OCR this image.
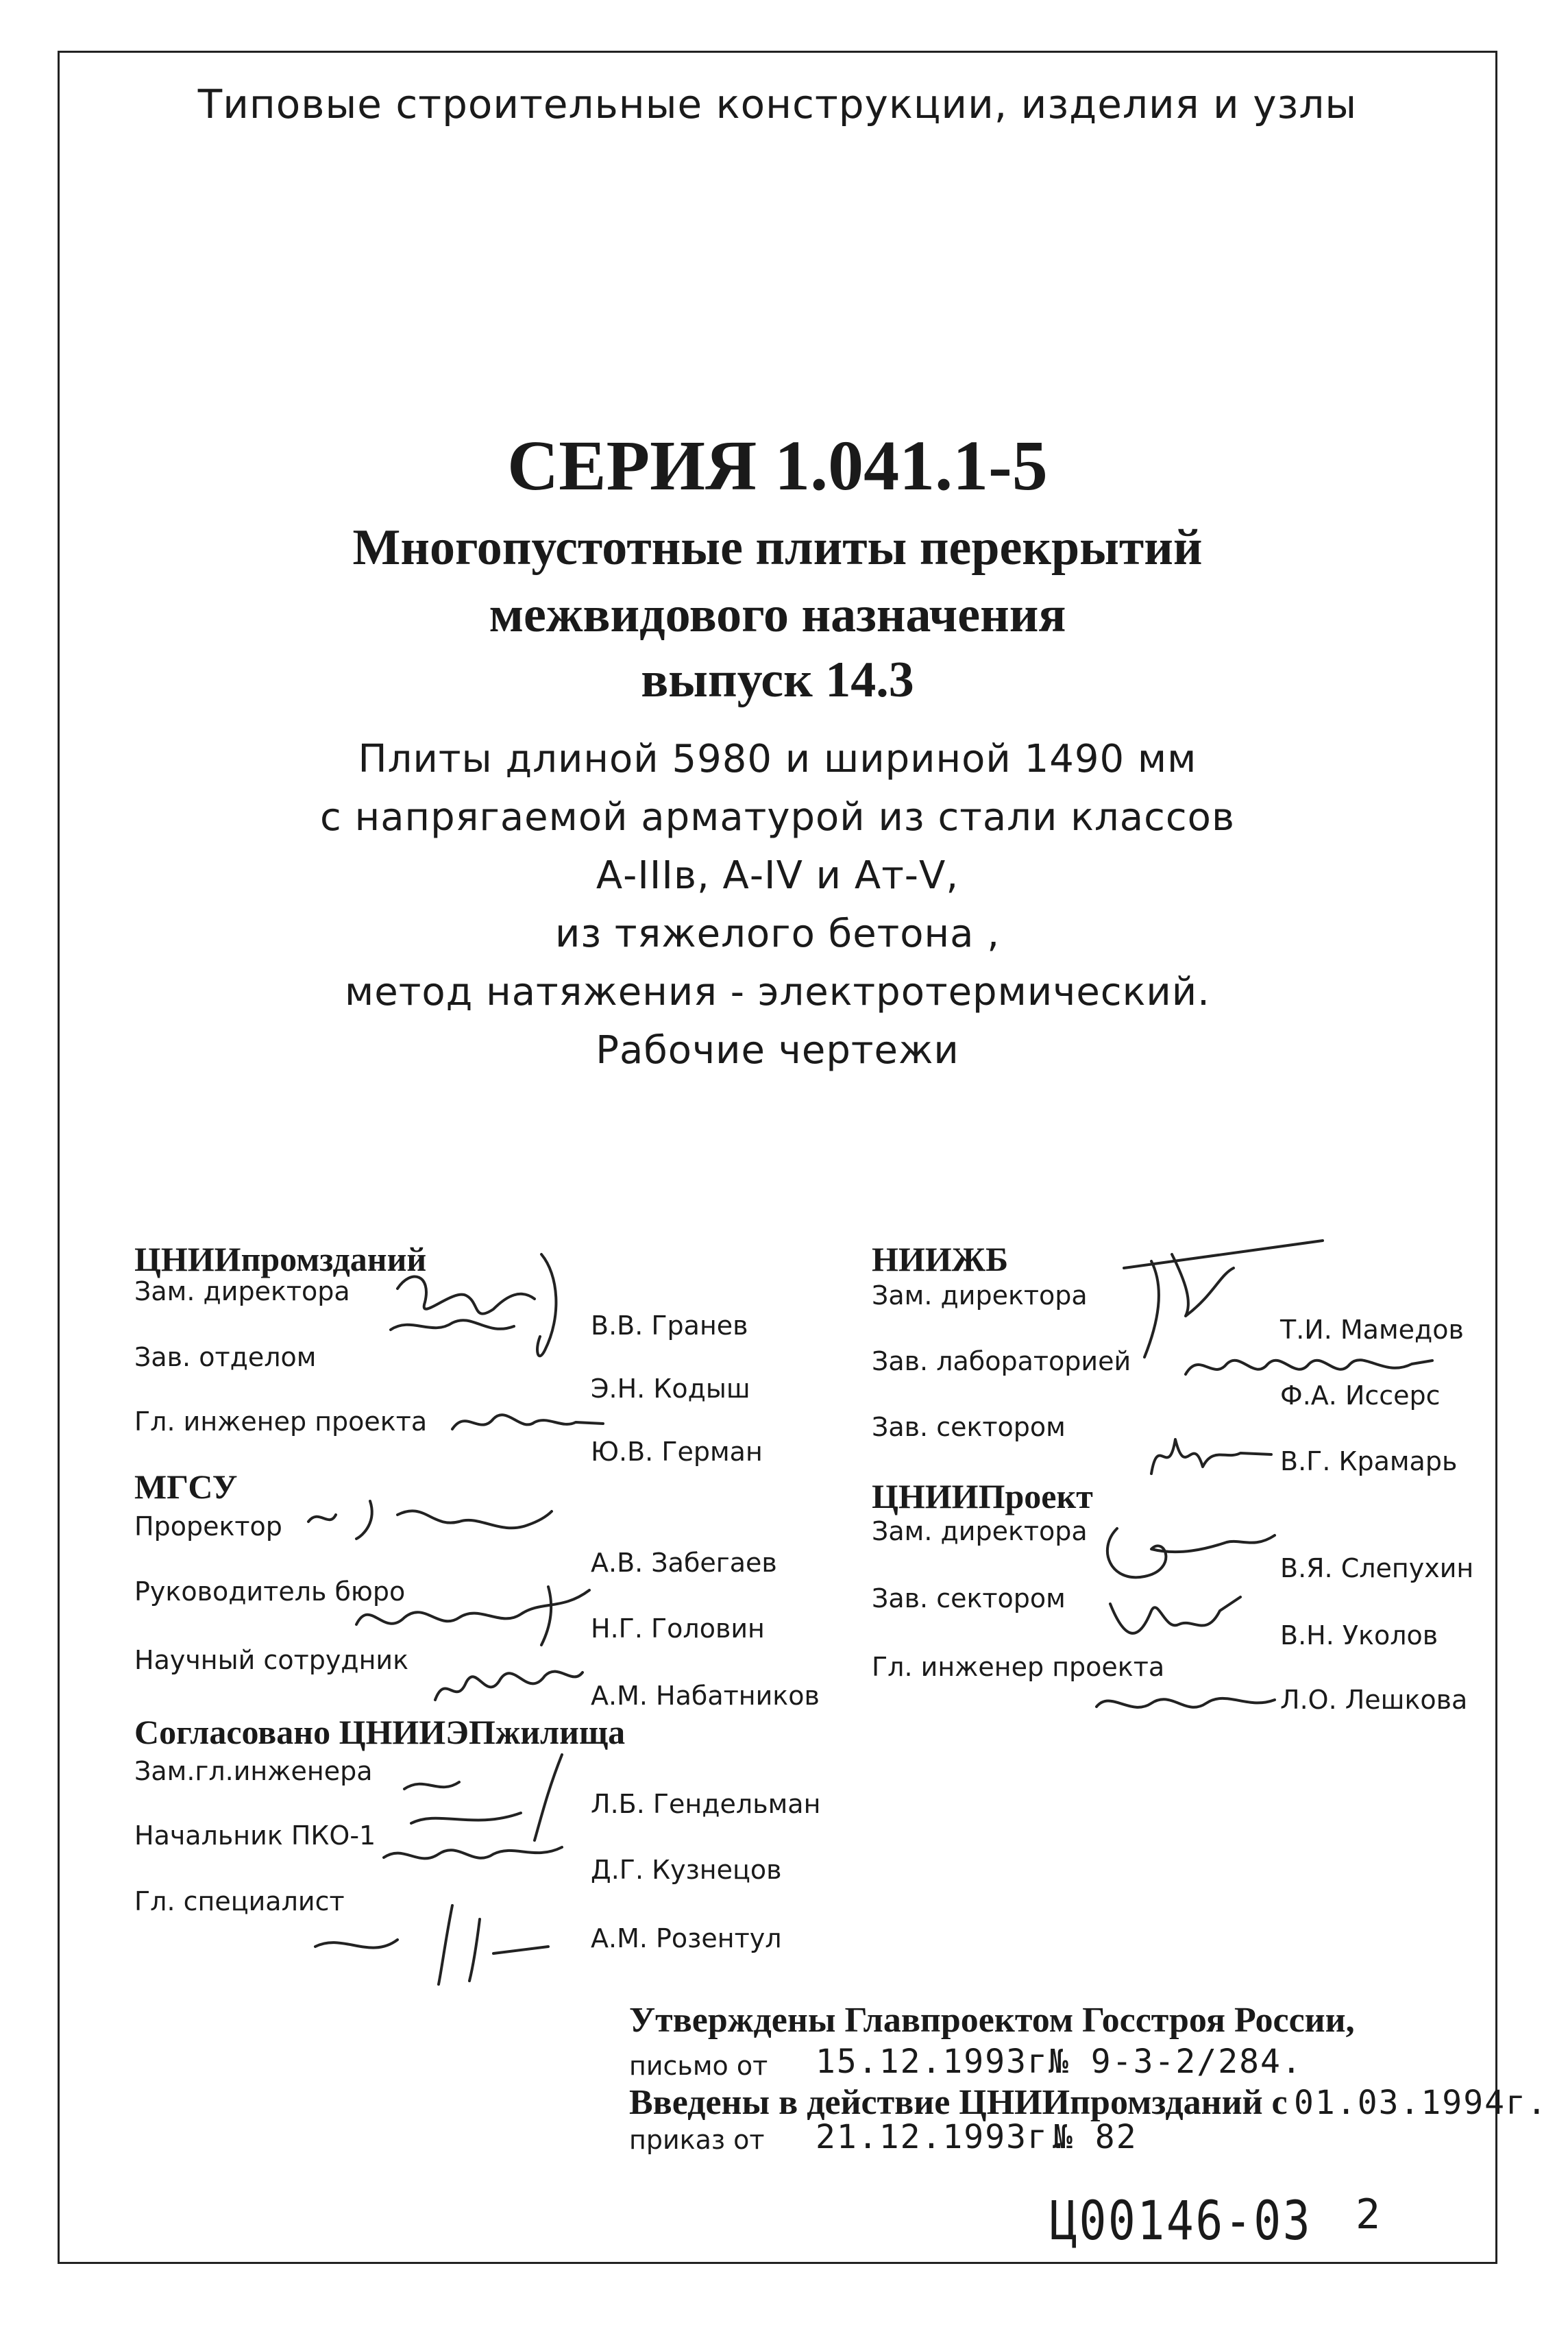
Типовые строительные конструкции, изделия и узлы
СЕРИЯ 1.041.1-5
Многопустотные плиты перекрытий
межвидового назначения
выпуск 14.3
Плиты длиной 5980 и шириной 1490 мм
с напрягаемой арматурой из стали классов
А-IIIв, А-IV и Ат-V,
из тяжелого бетона ,
метод натяжения - электротермический.
Рабочие чертежи
ЦНИИпромзданий
Зам. директора
В.В. Гранев
Зав. отделом
Э.Н. Кодыш
Гл. инженер проекта
Ю.В. Герман
МГСУ
Проректор
А.В. Забегаев
Руководитель бюро
Н.Г. Головин
Научный сотрудник
А.М. Набатников
Согласовано ЦНИИЭПжилища
Зам.гл.инженера
Л.Б. Гендельман
Начальник ПКО-1
Д.Г. Кузнецов
Гл. специалист
А.М. Розентул
НИИЖБ
Зам. директора
Т.И. Мамедов
Зав. лабораторией
Ф.А. Иссерс
Зав. сектором
В.Г. Крамарь
ЦНИИПроект
Зам. директора
В.Я. Слепухин
Зав. сектором
В.Н. Уколов
Гл. инженер проекта
Л.О. Лешкова
Утверждены Главпроектом Госстроя России,
письмо от 15.12.1993г.
№ 9-3-2/284.
Введены в действие ЦНИИпромзданий с 01.03.1994г.
приказ от 21.12.1993г.
№ 82
Ц00146-03 2
